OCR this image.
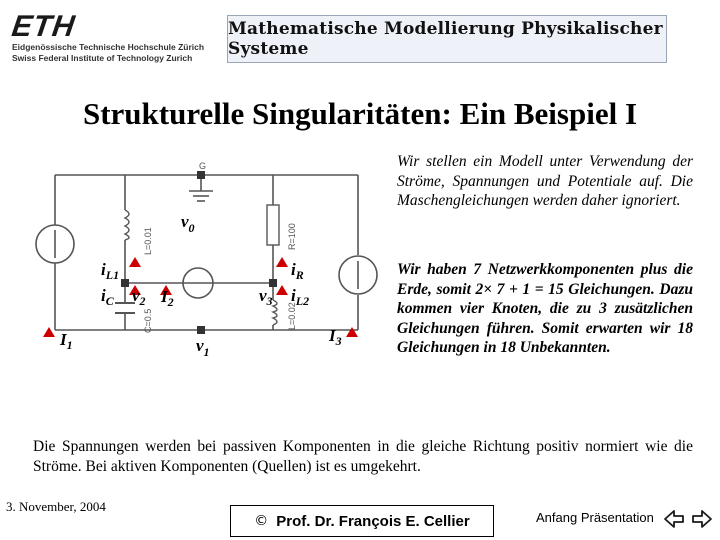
ETH
Eidgenössische Technische Hochschule Zürich
Swiss Federal Institute of Technology Zurich
Mathematische Modellierung Physikalischer Systeme
Strukturelle Singularitäten: Ein Beispiel I
L=0.01	R=100
C=0.5	L=0.02
G
$v_0$
$i_{L1}$
$i_C$ $v_2$ $I_2$
$i_R$
$v_3$ $i_{L2}$
$I_1$	$v_1$
$I_3$
Wir stellen ein Modell unter Verwendung der Ströme, Spannungen und Potentiale auf. Die Maschengleichungen werden daher ignoriert.
Wir haben 7 Netzwerkkomponenten plus die Erde, somit 2× 7 + 1 = 15 Gleichungen. Dazu kommen vier Knoten, die zu 3 zusätzlichen Gleichungen führen. Somit erwarten wir 18 Gleichungen in 18 Unbekannten.
Die Spannungen werden bei passiven Komponenten in die gleiche Richtung positiv normiert wie die Ströme. Bei aktiven Komponenten (Quellen) ist es umgekehrt.
3. November, 2004
© Prof. Dr. François E. Cellier	Anfang Präsentation
